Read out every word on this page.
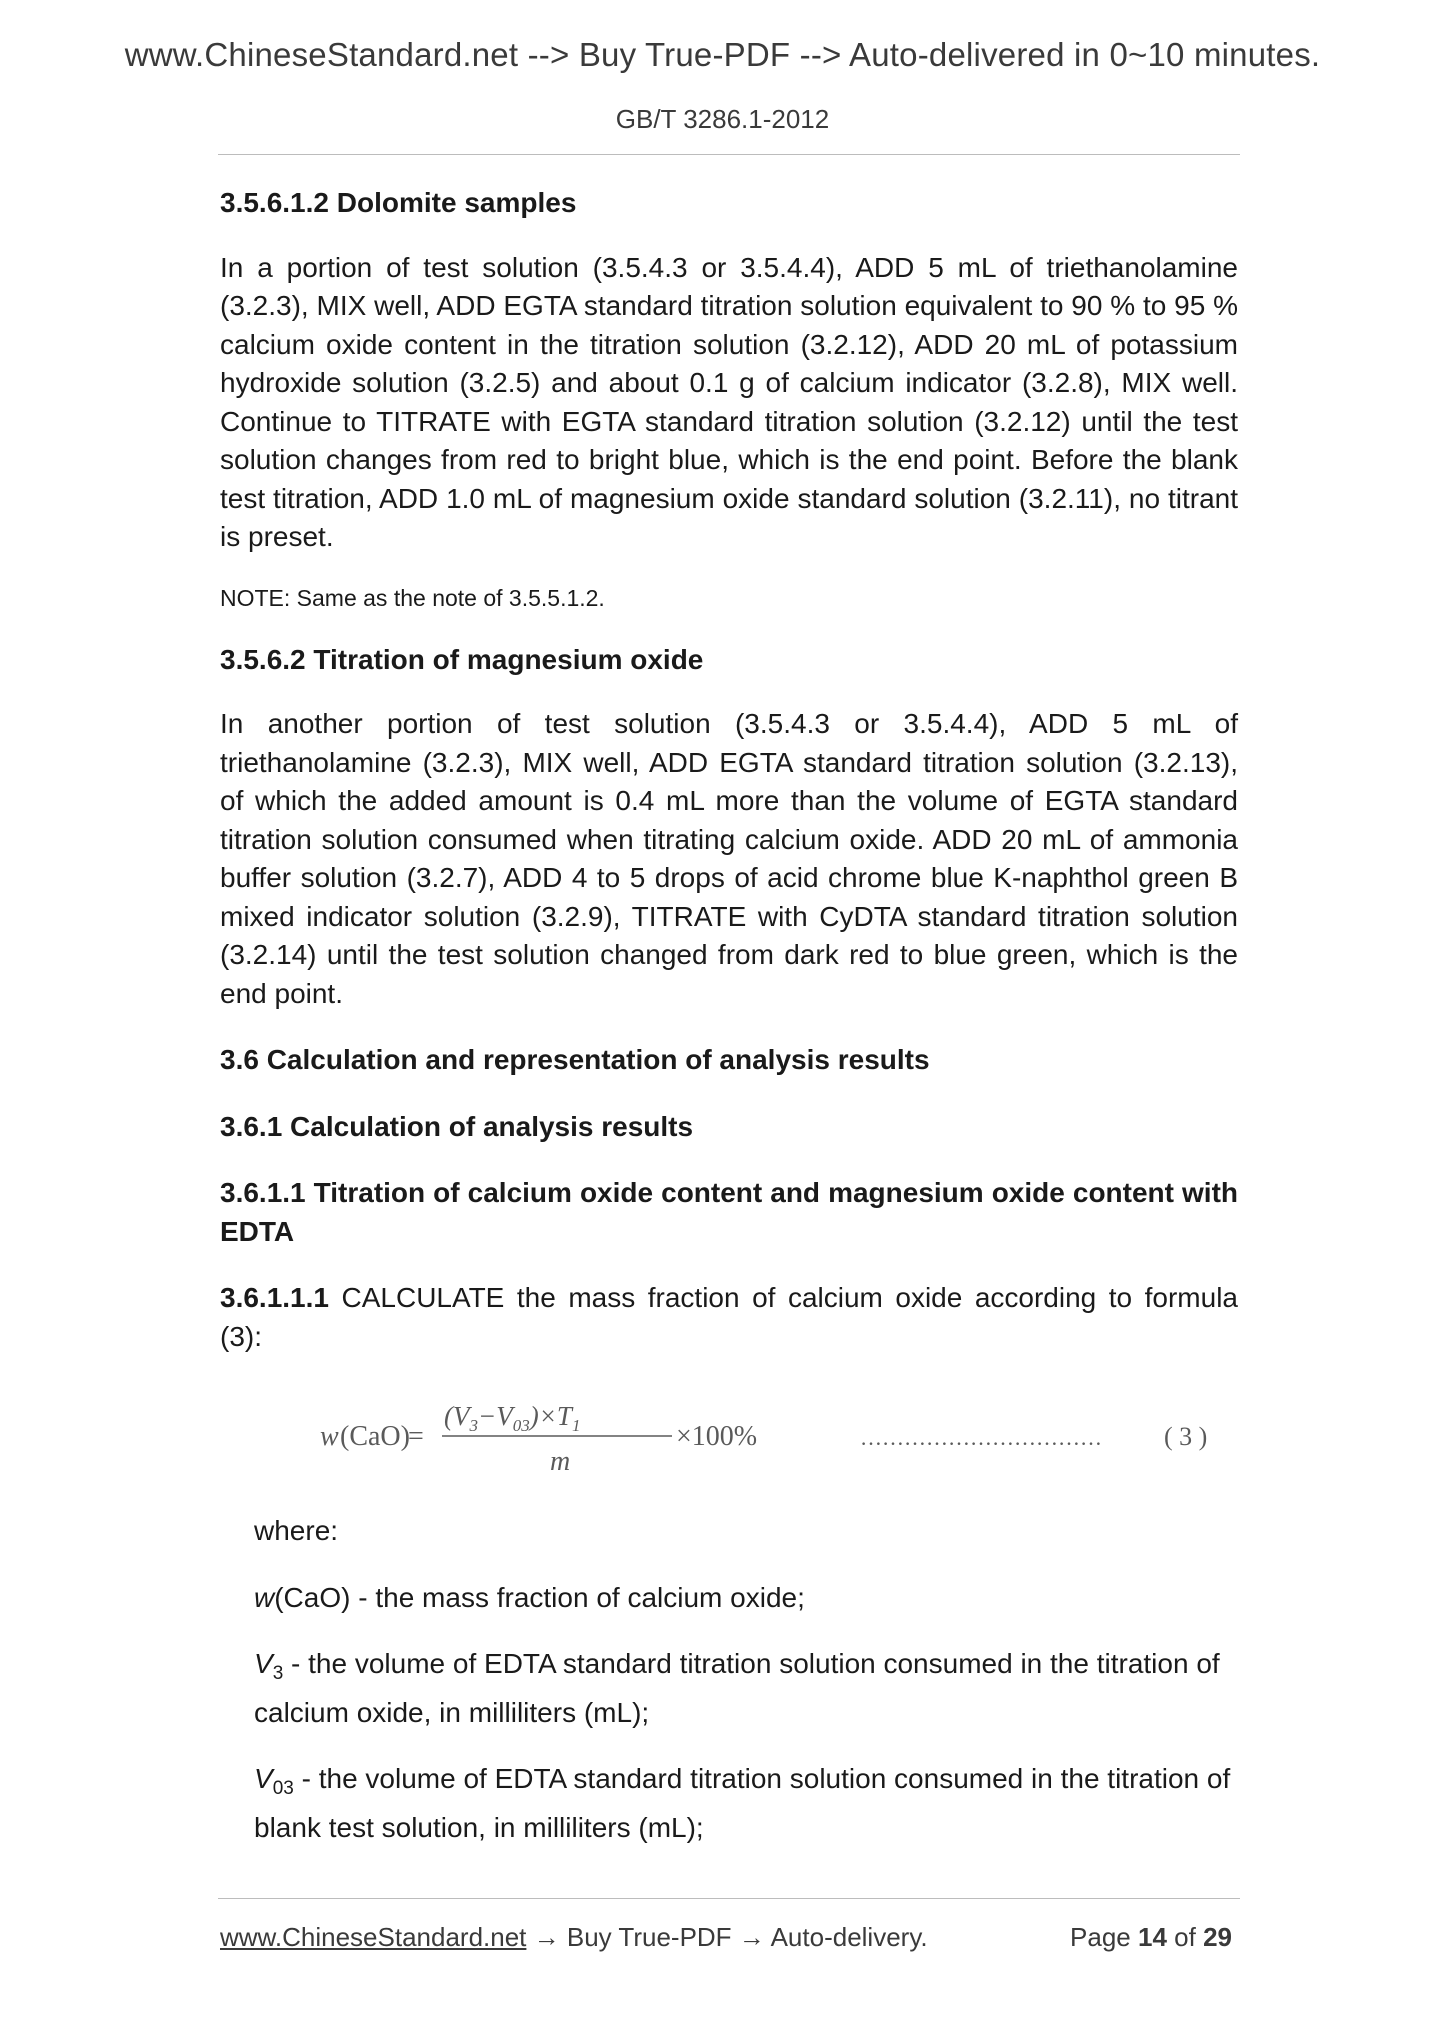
www.ChineseStandard.net --> Buy True-PDF --> Auto-delivered in 0~10 minutes.
GB/T 3286.1-2012

3.5.6.1.2 Dolomite samples

In a portion of test solution (3.5.4.3 or 3.5.4.4), ADD 5 mL of triethanolamine (3.2.3), MIX well, ADD EGTA standard titration solution equivalent to 90 % to 95 % calcium oxide content in the titration solution (3.2.12), ADD 20 mL of potassium hydroxide solution (3.2.5) and about 0.1 g of calcium indicator (3.2.8), MIX well. Continue to TITRATE with EGTA standard titration solution (3.2.12) until the test solution changes from red to bright blue, which is the end point. Before the blank test titration, ADD 1.0 mL of magnesium oxide standard solution (3.2.11), no titrant is preset.

NOTE: Same as the note of 3.5.5.1.2.

3.5.6.2 Titration of magnesium oxide

In another portion of test solution (3.5.4.3 or 3.5.4.4), ADD 5 mL of triethanolamine (3.2.3), MIX well, ADD EGTA standard titration solution (3.2.13), of which the added amount is 0.4 mL more than the volume of EGTA standard titration solution consumed when titrating calcium oxide. ADD 20 mL of ammonia buffer solution (3.2.7), ADD 4 to 5 drops of acid chrome blue K-naphthol green B mixed indicator solution (3.2.9), TITRATE with CyDTA standard titration solution (3.2.14) until the test solution changed from dark red to blue green, which is the end point.

3.6 Calculation and representation of analysis results

3.6.1 Calculation of analysis results

3.6.1.1 Titration of calcium oxide content and magnesium oxide content with EDTA

3.6.1.1.1 CALCULATE the mass fraction of calcium oxide according to formula (3):

w (CaO)
=
$(V_3-V_{03})\times T_1$
m
×100%	…………………………… ( 3 )

where:

w(CaO) - the mass fraction of calcium oxide;

$V_3$ - the volume of EDTA standard titration solution consumed in the titration of calcium oxide, in milliliters (mL);

$V_{03}$ - the volume of EDTA standard titration solution consumed in the titration of blank test solution, in milliliters (mL);

www.ChineseStandard.net → Buy True-PDF → Auto-delivery.	Page 14 of 29
